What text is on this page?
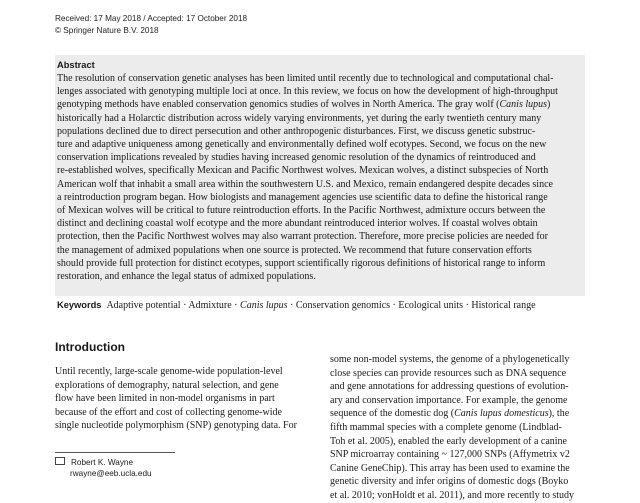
Received: 17 May 2018 / Accepted: 17 October 2018
© Springer Nature B.V. 2018
Abstract
The resolution of conservation genetic analyses has been limited until recently due to technological and computational chal-
lenges associated with genotyping multiple loci at once. In this review, we focus on how the development of high-throughput
genotyping methods have enabled conservation genomics studies of wolves in North America. The gray wolf (Canis lupus)
historically had a Holarctic distribution across widely varying environments, yet during the early twentieth century many
populations declined due to direct persecution and other anthropogenic disturbances. First, we discuss genetic substruc-
ture and adaptive uniqueness among genetically and environmentally defined wolf ecotypes. Second, we focus on the new
conservation implications revealed by studies having increased genomic resolution of the dynamics of reintroduced and
re-established wolves, specifically Mexican and Pacific Northwest wolves. Mexican wolves, a distinct subspecies of North
American wolf that inhabit a small area within the southwestern U.S. and Mexico, remain endangered despite decades since
a reintroduction program began. How biologists and management agencies use scientific data to define the historical range
of Mexican wolves will be critical to future reintroduction efforts. In the Pacific Northwest, admixture occurs between the
distinct and declining coastal wolf ecotype and the more abundant reintroduced interior wolves. If coastal wolves obtain
protection, then the Pacific Northwest wolves may also warrant protection. Therefore, more precise policies are needed for
the management of admixed populations when one source is protected. We recommend that future conservation efforts
should provide full protection for distinct ecotypes, support scientifically rigorous definitions of historical range to inform
restoration, and enhance the legal status of admixed populations.
Keywords Adaptive potential · Admixture · Canis lupus · Conservation genomics · Ecological units · Historical range
Introduction
Until recently, large-scale genome-wide population-level
explorations of demography, natural selection, and gene
flow have been limited in non-model organisms in part
because of the effort and cost of collecting genome-wide
single nucleotide polymorphism (SNP) genotyping data. For
some non-model systems, the genome of a phylogenetically
close species can provide resources such as DNA sequence
and gene annotations for addressing questions of evolution-
ary and conservation importance. For example, the genome
sequence of the domestic dog (Canis lupus domesticus), the
fifth mammal species with a complete genome (Lindblad-
Toh et al. 2005), enabled the early development of a canine
SNP microarray containing ~ 127,000 SNPs (Affymetrix v2
Canine GeneChip). This array has been used to examine the
genetic diversity and infer origins of domestic dogs (Boyko
et al. 2010; vonHoldt et al. 2011), and more recently to study
Robert K. Wayne
rwayne@eeb.ucla.edu
